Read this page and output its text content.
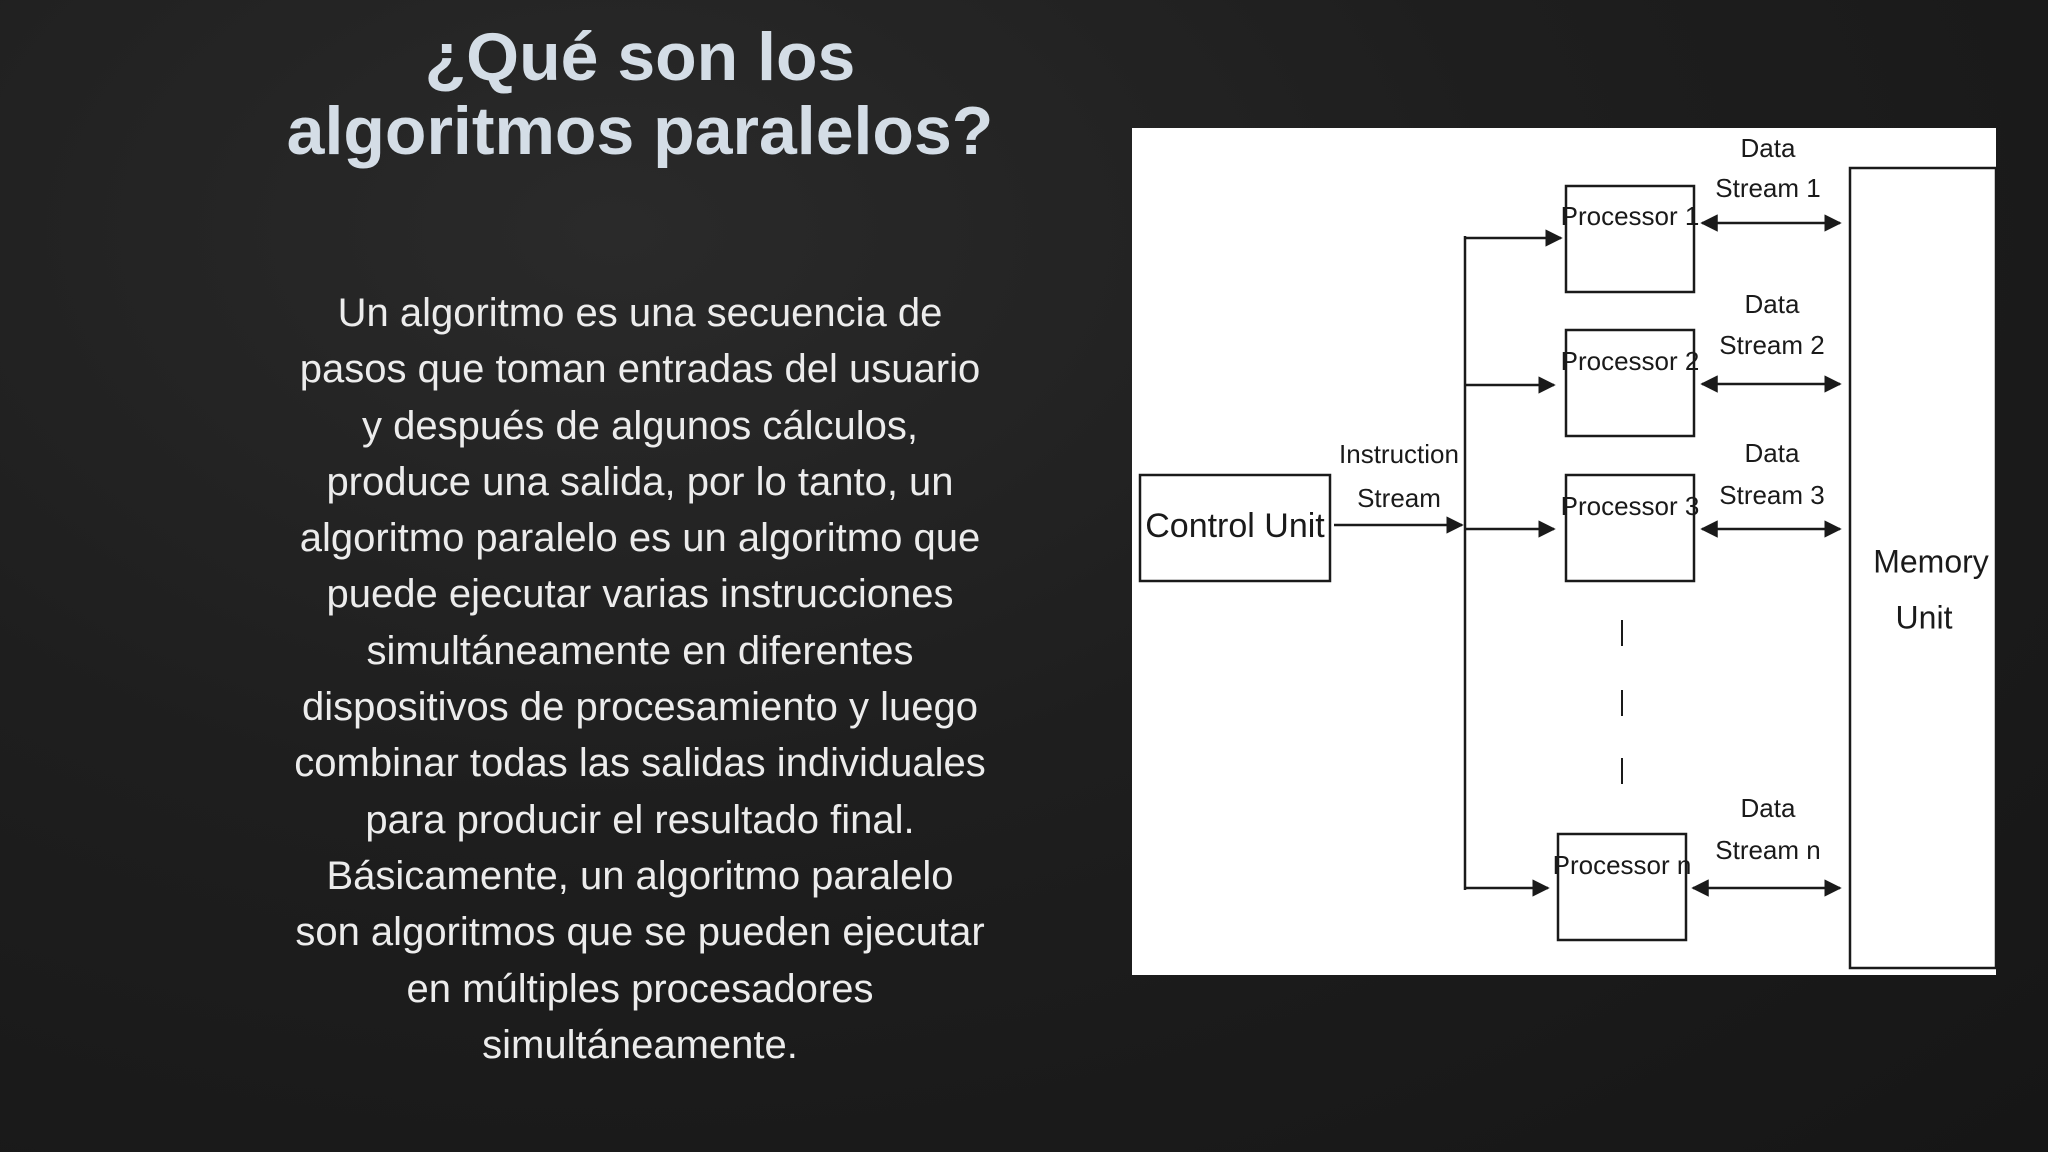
¿Qué son los
algoritmos paralelos?

Un algoritmo es una secuencia de
pasos que toman entradas del usuario
y después de algunos cálculos,
produce una salida, por lo tanto, un
algoritmo paralelo es un algoritmo que
puede ejecutar varias instrucciones
simultáneamente en diferentes
dispositivos de procesamiento y luego
combinar todas las salidas individuales
para producir el resultado final.
Básicamente, un algoritmo paralelo
son algoritmos que se pueden ejecutar
en múltiples procesadores
simultáneamente.

Control Unit
Instruction
Stream
Processor 1
Processor 2
Processor 3
Processor n
Memory
Unit
Data
Stream 1
Data
Stream 2
Data
Stream 3
Data
Stream n
